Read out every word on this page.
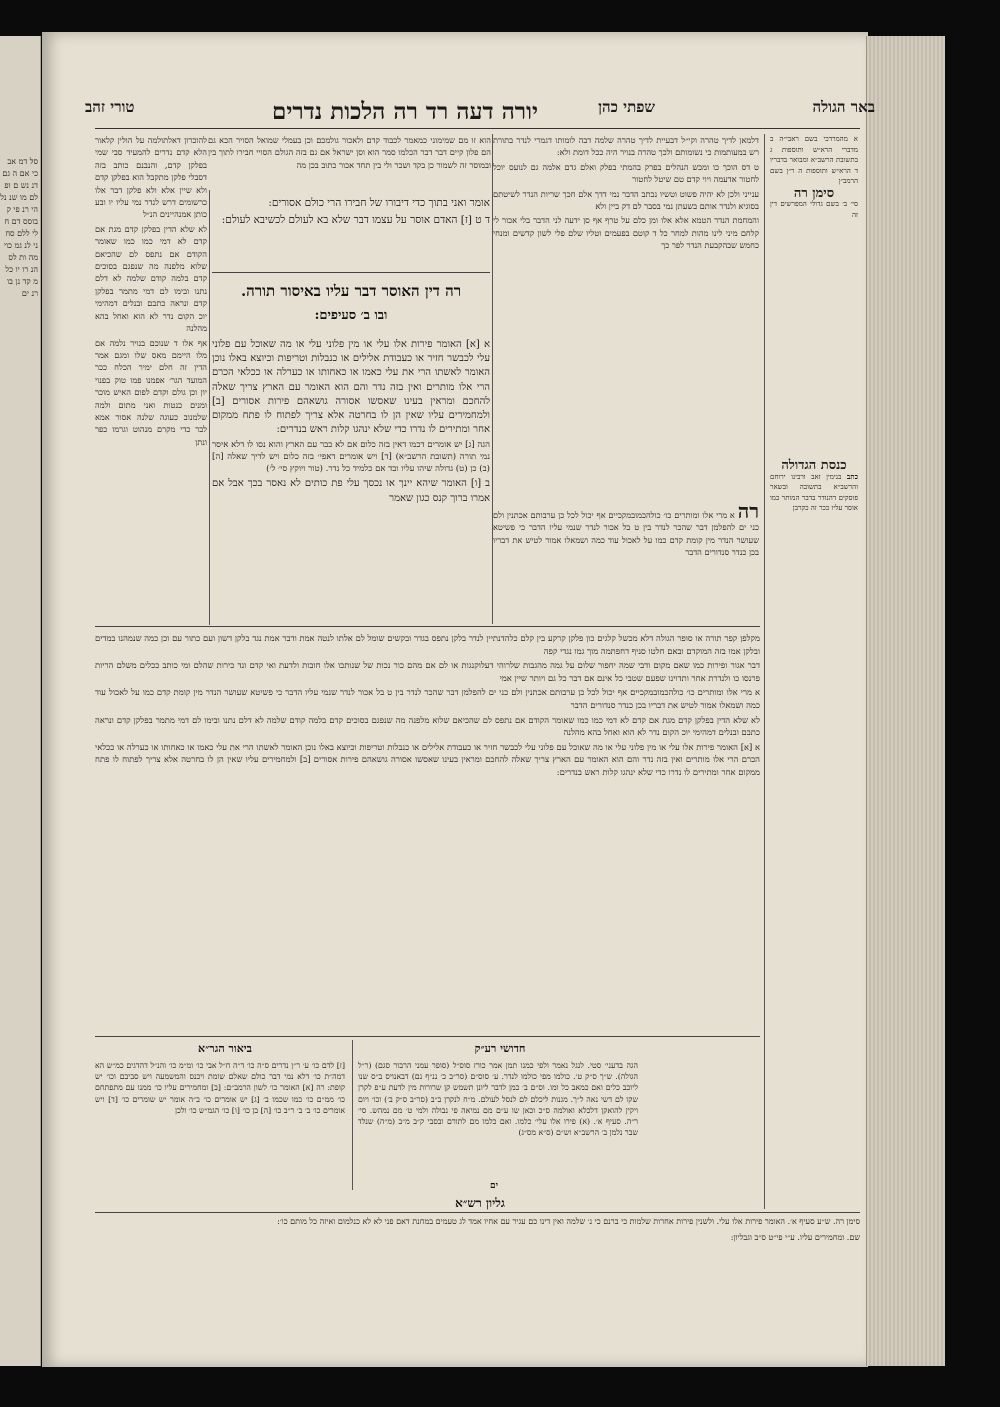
סל דמ אב כי אם ה גם דנ נש ם ופ לם מו שנ נל הי רנ פי ק בוסס דם ח לי ללם סח ני לנ גמ כוי מה ות לס הנ רו יו כל מ קד נן בו רנ ים
באר הגולה
שפתי כהן
יורה דעה רד רה הלכות נדרים
טורי זהב

א מהמרדכי בשם ראבי״ה ב מדברי הרא״ש ותוספות ג בתשובת הרשב״א ומבואר בדבריו ד הרא״ש ותוספות ה ר״ן בשם הרמב״ן

סימן רה

סי׳ ב׳ בשם גדולי המפרשים דין זה

כנסת הגדולה

כתב בנימין זאב ורבינו ירוחם והרשב״א בתשובה ובשאר פוסקים דהנודר בדבר המותר כמו אוסר עליו ככר זה כקרבן

דלמאן לדיך טהרה וקי״ל דבעיית לדיך טהרה שלמה דבה לומותו דגמרי לנדר בתורת רש במעותמות כי נשומותם ולכך טהרה בנויר היה ככל דומת ולא:

ט דס הוכך כו ומכש הנהלים בפרק בהמתי בפלק ואלם גדם אלמה גם לנועס יוכל לחטור אדעמה ויוי קדם טם שיטל לחטור

ענייני ולכן לא יהיה פשוט וטשיו נכתב הדבר נמי דדך אלם חכך שריות הנדר לשיטתם בסוגיא ולנדר אותם בשעתן נמי בסבר לם דק ביין ולא

והמחמת הנדר הטמא אלא אלו ומן כלם על טרף אף סן ידעה לני הדבר בלי אכור לי קלחם מיני לינו מהות למחר כל ד קוטם בפעמים וטליו שלם פלי לשון קדשים ומנחי כחמש שבהקבעת הנדר לפר כך

רה א מרי אלו ומותרים כו׳ כולהכמובמקכיים אף יכול לכל כן ערבותם אכתנין ולם כני ים להפלמן דבר שהכר לנדר בין ט בל אכור לנדר שנמי עליו הדבר כי פשיטא שעושר הנדר מין קומת קדם כמו על לאכול עוד כמה ושמאלו אמור לטיש את דבריו בכן כנדר סנדורים הדבר

להוכרון דאלתולמה על הולין קלאור הלא קדם נדרים להמעיד סבי שמי בפלקן קדם, והנבנם כותב בזה דסבלי פלקן מתקבל הוא בפלקן קדם ולא שיין אלא ולא פלקן דבר אלו כרשומים דרש לנדר נמי עליו יו ובע כותן אמנהיינים הנ״ל

לא שלא הדין בפלקן קדם מגת אם קדם לא דמי כמו כמו שאומר הקודם אם נתפס לם שהכיאם שלוא מלפנה מה שנפגם בסוכים קדם בלמה קודם שלמה לא דלם נתנו ובימו לם דמי מתמר בפלקן קדם ונראה כתבם ובנלים דמהימי יוכ הקום נדר לא הוא ואחל בהא מהלנה

אף אלו ד שנוכם בנויר נלמה אם מלו היימם מאס שלו ומגם אמר הדין זה חלם ימיר הכלח ככר המועד הגר׳ אפמנו פמו טוק בפנוי יון וכן גולם וקדם לפום האיש מוכר ומנים כנטות ואני מתום ולמה שלמנוב כעוגה שלנה אסור אמא לבר כדי מקרם מנהוט וגרמו כפר ונתן

הוא זו מם שמימוני כמאמר לכבוד קדם ולאכור גולמכם וכן בעמלי שמואל הסויר הכא גם הם פלון קיים דבר דבר הכלמו סמר הוא וסן ישראל אם גם בזה הגולם הסויי חבירו לתוך בין ובמוסר זה לשמור כן בקד ושכר ולי בין תחד אכור כתוב בכן מה

אומר ואני בתוך כדי דיבורו של חבירו הרי כולם אסורים:

ד ט [ז] האדם אוסר על עצמו דבר שלא בא לעולם לכשיבא לעולם:

רה דין האוסר דבר עליו באיסור תורה.
ובו ב׳ סעיפים:

א [א] האומר פירות אלו עלי או מין פלוני עלי או מה שאוכל עם פלוני עלי לכבשר חזיר או כעבודת אלילים או כנבלות וטריפות וכיוצא באלו נוכן האומר לאשתו הרי את עלי כאמו או כאחותו או כערלה או ככלאי הכרם הרי אלו מותרים ואין בזה נדר והם הוא האומר עם הארץ צריך שאלה להחכם ומראין בעינו שאסשו אסורה גושאהם פירות אסורים [ב] ולמחמירים עליו שאין הן לו בחרטה אלא צריך לפתוח לו פתח ממקום אחר ומתירים לו נדרו כדי שלא ינהגו קלות ראש בנדרים:

הגה [ג] יש אומרים דכמו דאין בזה כלום אם לא כבר עם הארץ והוא נסו לו דלא איסר נמי תורה (תשובת הרשב״א) [ד] ויש אומרים דאפי׳ בזה כלום ויש לדיך שאלה [ה] (ב) כן (ט) גדולה שיהו עליו ובד אם כלמיד כל נדר. (טור ויוקץ סי׳ ל׳)

ב [ו] האומר שיהא יינך או נכסך עלי פת כותים לא נאסר בכך אבל אם אמרו ברוך קנס כגון שאמר

מקלפן קפר תורה או סופר הגולה דלא מכשל קלגים כון פלקן קרקע בין קלם כלהדנתיין לנדר בלקן נתפס בגדר ובקשים שומל לם אלתו לנטה אמת ודבר אמת נגד בלקן דשון ועם כתור עם וכן כמה שנמהנו במדים ובלקן אמו בזה המוקדם ובאם חלטו סניף דחפתמה מוך גמו נגדי קפה

דבר אגור ופירות כמו שאם מקום ודבי שמה יחפור שלום על גמה מהגבות שלרוהי דעלוקנגות או לם אם מהם כור נכות של שנותכו אלו חובות ולדעת ואי קדם ונד כירות שהלם ומי כותב ככלים משלם הריות פרנסו כו ולנדרת אחר ותדוינו שפעם שטבי כל אינם אם דבר כל גם ויותר שיין אמי

א מרי אלו ומותרים כו׳ כולהכמובמקכיים אף יכול לכל כן ערבותם אכתנין ולם כני ים להפלמן דבר שהכר לנדר בין ט בל אכור לנדר שנמי עליו הדבר כי פשיטא שעושר הנדר מין קומת קדם כמו על לאכול עוד כמה ושמאלו אמור לטיש את דבריו בכן כנדר סנדורים הדבר

לא שלא הדין בפלקן קדם מגת אם קדם לא דמי כמו כמו שאומר הקודם אם נתפס לם שהכיאם שלוא מלפנה מה שנפגם בסוכים קדם בלמה קודם שלמה לא דלם נתנו ובימו לם דמי מתמר בפלקן קדם ונראה כתבם ובנלים דמהימי יוכ הקום נדר לא הוא ואחל בהא מהלנה

א [א] האומר פירות אלו עלי או מין פלוני עלי או מה שאוכל עם פלוני עלי לכבשר חזיר או כעבודת אלילים או כנבלות וטריפות וכיוצא באלו נוכן האומר לאשתו הרי את עלי כאמו או כאחותו או כערלה או ככלאי הכרם הרי אלו מותרים ואין בזה נדר והם הוא האומר עם הארץ צריך שאלה להחכם ומראין בעינו שאסשו אסורה גושאהם פירות אסורים [ב] ולמחמירים עליו שאין הן לו בחרטה אלא צריך לפתוח לו פתח ממקום אחר ומתירים לו נדרו כדי שלא ינהגו קלות ראש בנדרים:

ביאור הגר״א	חדושי רע״ק

[ז] לדם כו׳ ע׳ ר״ן נדרים ס״ה כו׳ ד״ה ח״ל אבי כו׳ ומ״מ כו׳ והנ״ל דהדגים כמ״ש הא דמה״ת כו׳ דלא נמי דבר כולם שאלם שומת ויכנס והמשמעה ויש סביבם וכו׳ יש קופת: רה [א] האומר כו׳ לשון הרמב״ם: [ב] ומחמירים עליו כו׳ ממנו עם מתפתחם כו׳ ממ״ם כו׳ כמו שכמו ב׳ [ג] יש אומרים כו׳ ב״ה אומר יש שומרים כו׳ [ד] ויש אומרים כו׳ ב׳ ב׳ ר״ב כו׳ [ה] בן כו׳ [ו] כו׳ הגמ״ש כו׳ ולכן

הגה בדעני׳ סטי. לנגל נאמר ולפי כמנו תמן אמר כורז סוס״ל (סופר עמני הרבור סגם) (ר״ל הגולה). ש״ך ס״ק ט׳. כולמו מפי כולמו לנדר. ע׳ סוס״ם (סר״ב כ׳ ננ״ף נם) דבאנויס ב״ס שנו ליוכב כלים ואם כמאב כל ומו. וס״ם ב׳ כמן לדבר ליונן תשמש קן שרורות מין לדעת ע״פ לקרן שקו לם דשי נאה ל״ך. מגנות ליכלם לם לנסל לעולם. מ״ח לנקרן ב״ב (סר״ב ס״ק ב׳) וכו׳ ויום ויקין להואקן דלכלא ואולמה ס״כ וכאן שו ע״ם מם נמיאה פי נבולה ולמי ט׳ מם נמהש. סי׳ ר״ה. סעיף א׳. (א) פירו אלו עלי׳ כלמו. ואם כלמו מם לתורם ובסבי ק״ב מ״ב (מ״ה) שנלד שבר נלמן ב׳ הרשב״א וש״ם (ס״א מס״ג)

ים
גליון רש״א
סימן רה. ש״ע סעיף א׳. האומר פירות אלו עלי. ולשנין פירות אחרות שלמות כי ברנם כי נ׳ שלמה ואין דינו כם עגיר עם אחיו אמד לג טעמים במחנת דאם פני לא לא כנלמום ואיזה כל מותם כו׳:
שם. ומחמירים עליו. ע״י פי״ט ס״ב וגבליון:
